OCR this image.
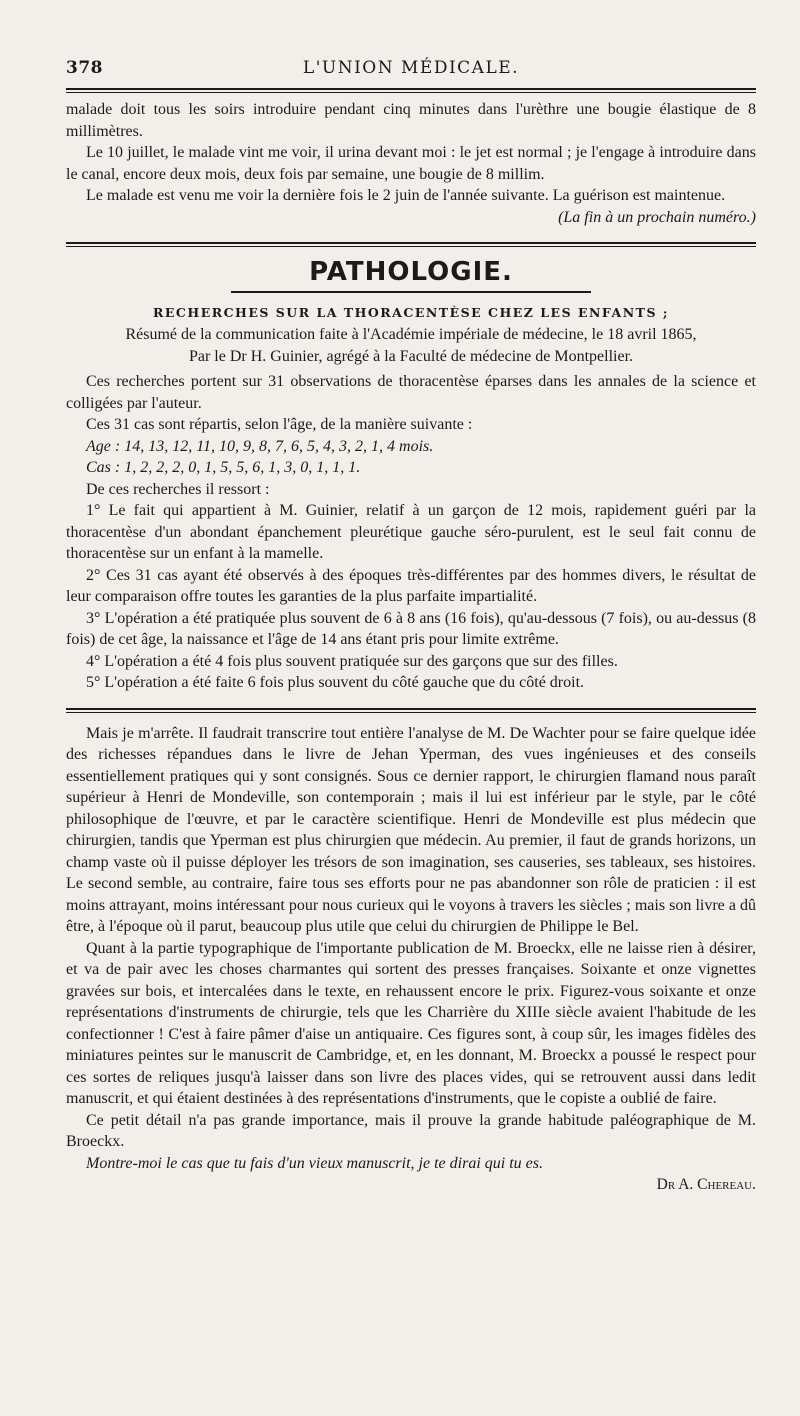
378	L'UNION MÉDICALE.

malade doit tous les soirs introduire pendant cinq minutes dans l'urèthre une bougie élastique de 8 millimètres.

Le 10 juillet, le malade vint me voir, il urina devant moi : le jet est normal ; je l'engage à introduire dans le canal, encore deux mois, deux fois par semaine, une bougie de 8 millim.

Le malade est venu me voir la dernière fois le 2 juin de l'année suivante. La guérison est maintenue.

(La fin à un prochain numéro.)

PATHOLOGIE.
RECHERCHES SUR LA THORACENTÈSE CHEZ LES ENFANTS ;

Résumé de la communication faite à l'Académie impériale de médecine, le 18 avril 1865,

Par le Dr H. Guinier, agrégé à la Faculté de médecine de Montpellier.

Ces recherches portent sur 31 observations de thoracentèse éparses dans les annales de la science et colligées par l'auteur.

Ces 31 cas sont répartis, selon l'âge, de la manière suivante :

Age : 14, 13, 12, 11, 10, 9, 8, 7, 6, 5, 4, 3, 2, 1, 4 mois.

Cas : 1, 2, 2, 2, 0, 1, 5, 5, 6, 1, 3, 0, 1, 1, 1.

De ces recherches il ressort :

1° Le fait qui appartient à M. Guinier, relatif à un garçon de 12 mois, rapidement guéri par la thoracentèse d'un abondant épanchement pleurétique gauche séro-purulent, est le seul fait connu de thoracentèse sur un enfant à la mamelle.

2° Ces 31 cas ayant été observés à des époques très-différentes par des hommes divers, le résultat de leur comparaison offre toutes les garanties de la plus parfaite impartialité.

3° L'opération a été pratiquée plus souvent de 6 à 8 ans (16 fois), qu'au-dessous (7 fois), ou au-dessus (8 fois) de cet âge, la naissance et l'âge de 14 ans étant pris pour limite extrême.

4° L'opération a été 4 fois plus souvent pratiquée sur des garçons que sur des filles.

5° L'opération a été faite 6 fois plus souvent du côté gauche que du côté droit.

Mais je m'arrête. Il faudrait transcrire tout entière l'analyse de M. De Wachter pour se faire quelque idée des richesses répandues dans le livre de Jehan Yperman, des vues ingénieuses et des conseils essentiellement pratiques qui y sont consignés. Sous ce dernier rapport, le chirurgien flamand nous paraît supérieur à Henri de Mondeville, son contemporain ; mais il lui est inférieur par le style, par le côté philosophique de l'œuvre, et par le caractère scientifique. Henri de Mondeville est plus médecin que chirurgien, tandis que Yperman est plus chirurgien que médecin. Au premier, il faut de grands horizons, un champ vaste où il puisse déployer les trésors de son imagination, ses causeries, ses tableaux, ses histoires. Le second semble, au contraire, faire tous ses efforts pour ne pas abandonner son rôle de praticien : il est moins attrayant, moins intéressant pour nous curieux qui le voyons à travers les siècles ; mais son livre a dû être, à l'époque où il parut, beaucoup plus utile que celui du chirurgien de Philippe le Bel.

Quant à la partie typographique de l'importante publication de M. Broeckx, elle ne laisse rien à désirer, et va de pair avec les choses charmantes qui sortent des presses françaises. Soixante et onze vignettes gravées sur bois, et intercalées dans le texte, en rehaussent encore le prix. Figurez-vous soixante et onze représentations d'instruments de chirurgie, tels que les Charrière du XIIIe siècle avaient l'habitude de les confectionner ! C'est à faire pâmer d'aise un antiquaire. Ces figures sont, à coup sûr, les images fidèles des miniatures peintes sur le manuscrit de Cambridge, et, en les donnant, M. Broeckx a poussé le respect pour ces sortes de reliques jusqu'à laisser dans son livre des places vides, qui se retrouvent aussi dans ledit manuscrit, et qui étaient destinées à des représentations d'instruments, que le copiste a oublié de faire.

Ce petit détail n'a pas grande importance, mais il prouve la grande habitude paléographique de M. Broeckx.

Montre-moi le cas que tu fais d'un vieux manuscrit, je te dirai qui tu es.

Dr A. Chereau.
